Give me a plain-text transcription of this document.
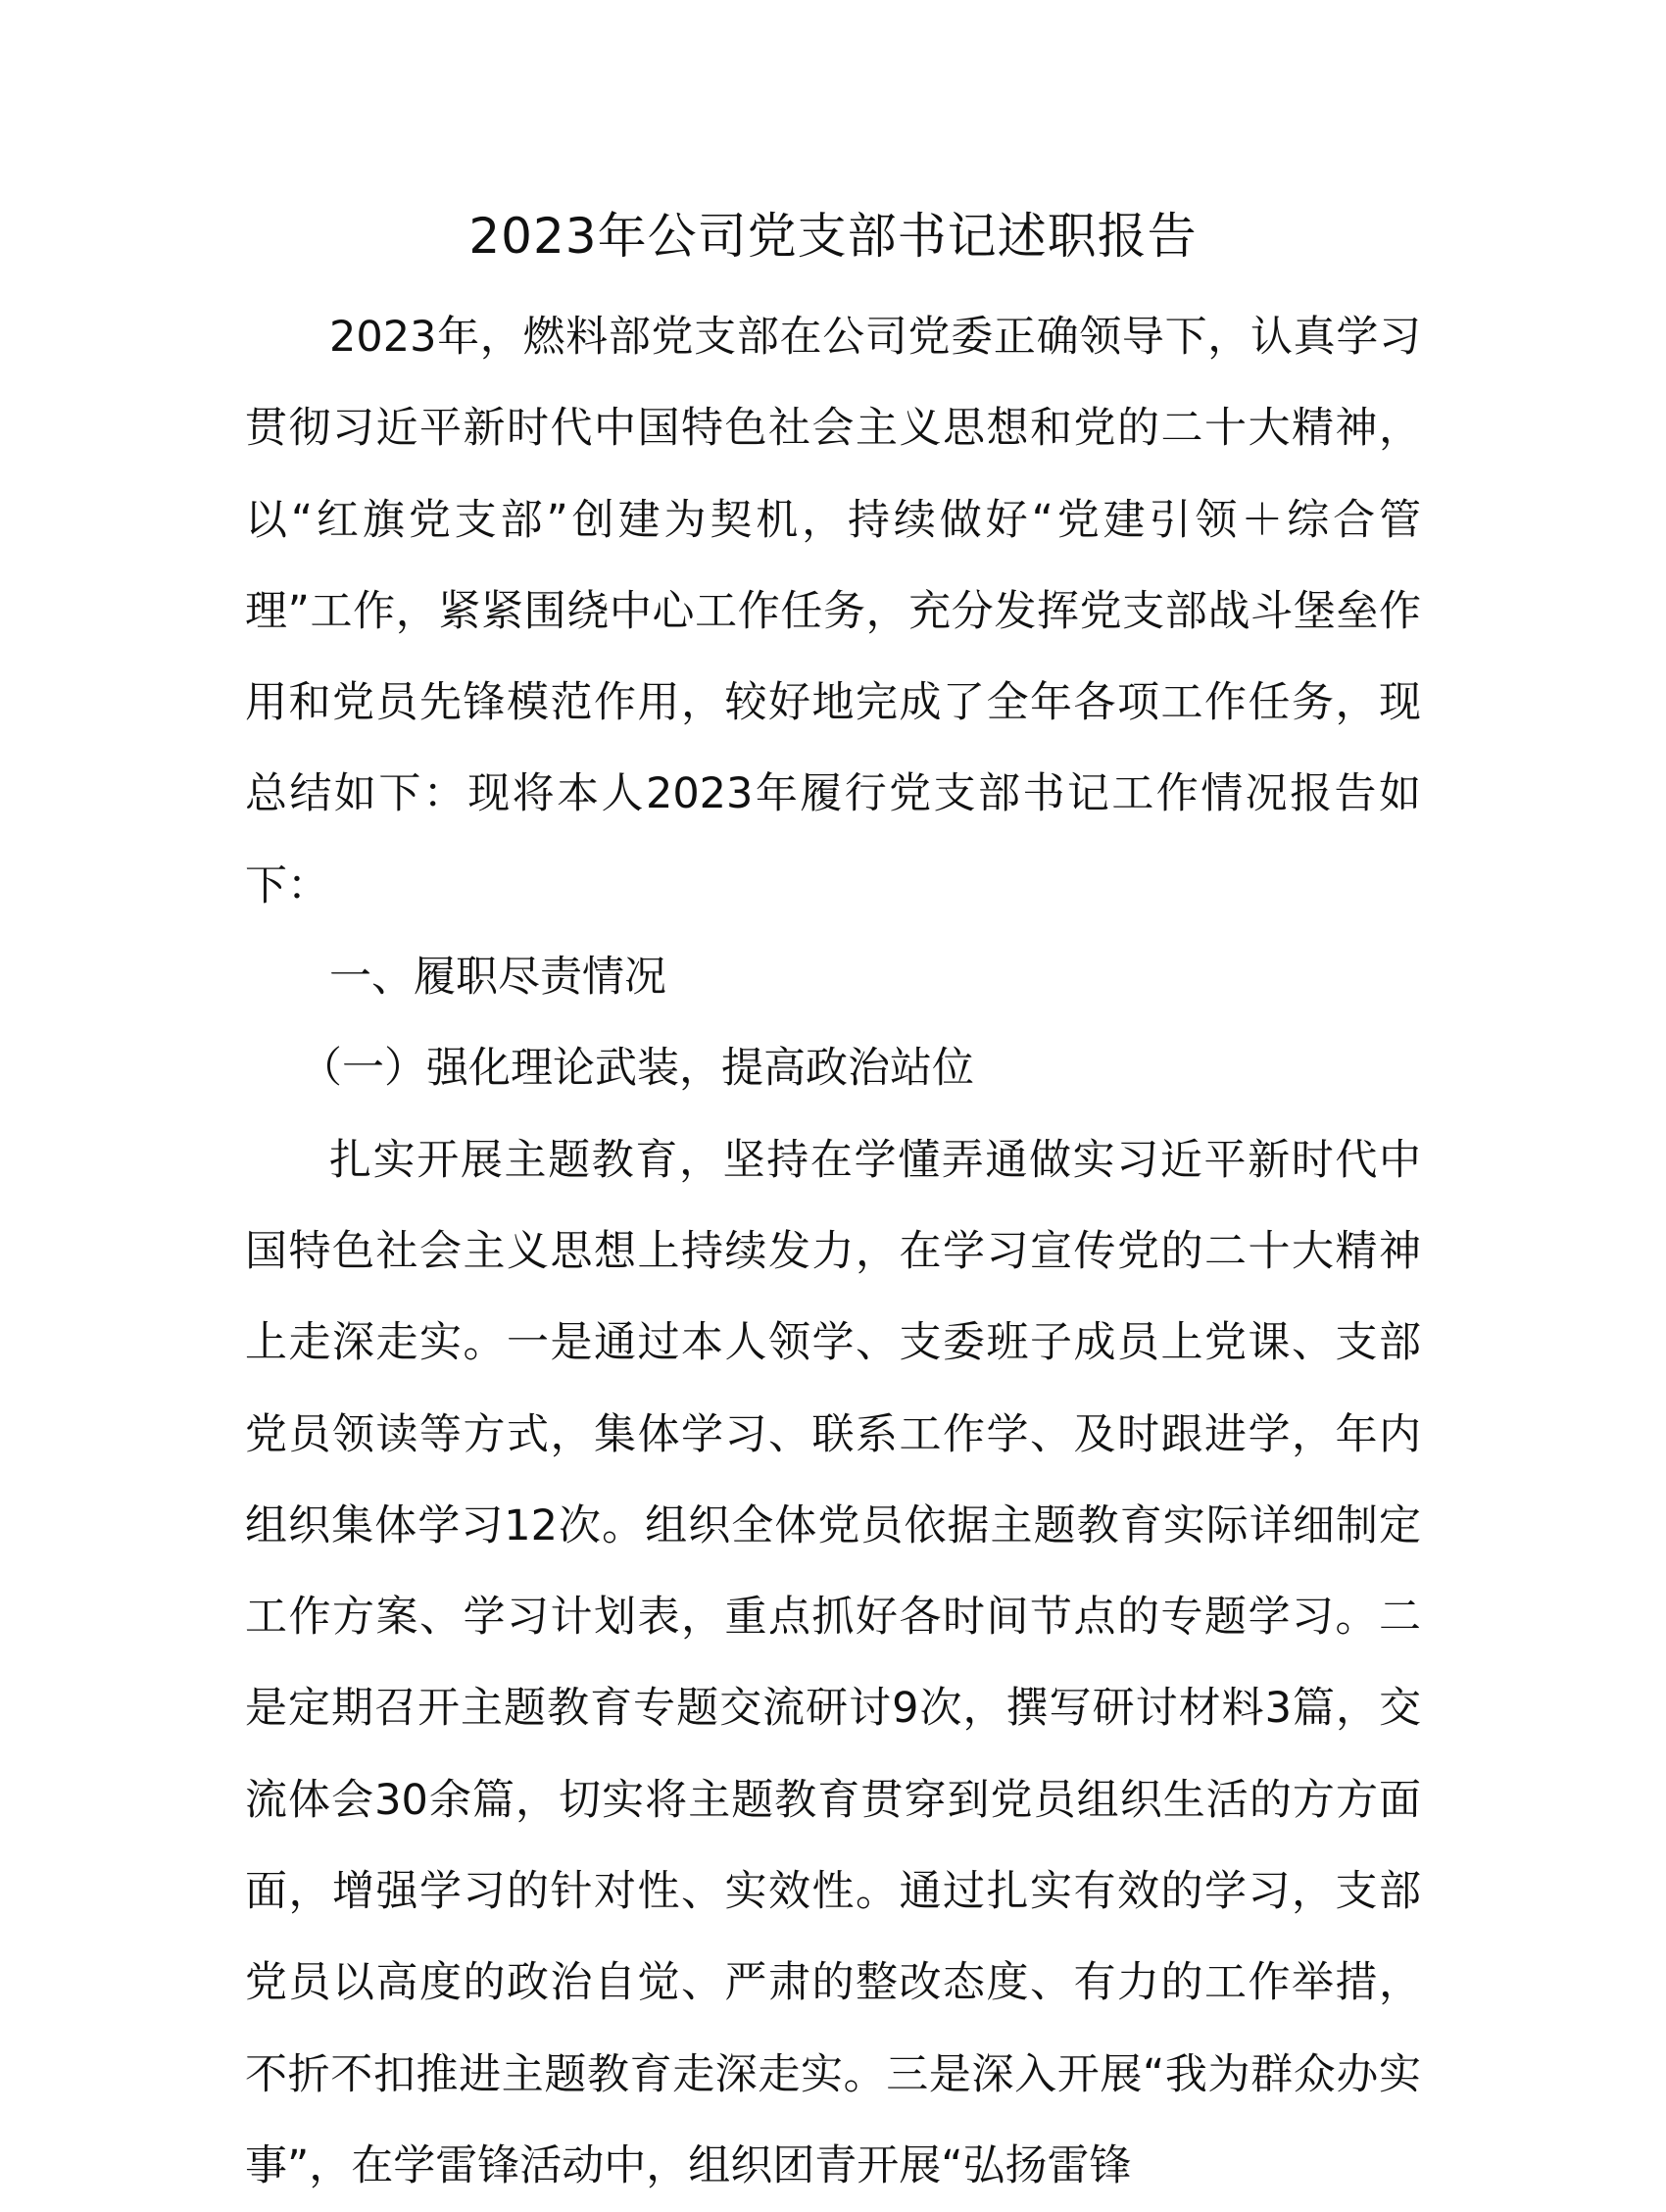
2023年公司党支部书记述职报告

2023年，燃料部党支部在公司党委正确领导下，认真学习贯彻习近平新时代中国特色社会主义思想和党的二十大精神，以“红旗党支部”创建为契机，持续做好“党建引领＋综合管理”工作，紧紧围绕中心工作任务，充分发挥党支部战斗堡垒作用和党员先锋模范作用，较好地完成了全年各项工作任务，现总结如下：现将本人2023年履行党支部书记工作情况报告如下：

一、履职尽责情况

（一）强化理论武装，提高政治站位

扎实开展主题教育，坚持在学懂弄通做实习近平新时代中国特色社会主义思想上持续发力，在学习宣传党的二十大精神上走深走实。一是通过本人领学、支委班子成员上党课、支部党员领读等方式，集体学习、联系工作学、及时跟进学，年内组织集体学习12次。组织全体党员依据主题教育实际详细制定工作方案、学习计划表，重点抓好各时间节点的专题学习。二是定期召开主题教育专题交流研讨9次，撰写研讨材料3篇，交流体会30余篇，切实将主题教育贯穿到党员组织生活的方方面面，增强学习的针对性、实效性。通过扎实有效的学习，支部党员以高度的政治自觉、严肃的整改态度、有力的工作举措，不折不扣推进主题教育走深走实。三是深入开展“我为群众办实事”，在学雷锋活动中，组织团青开展“弘扬雷锋
